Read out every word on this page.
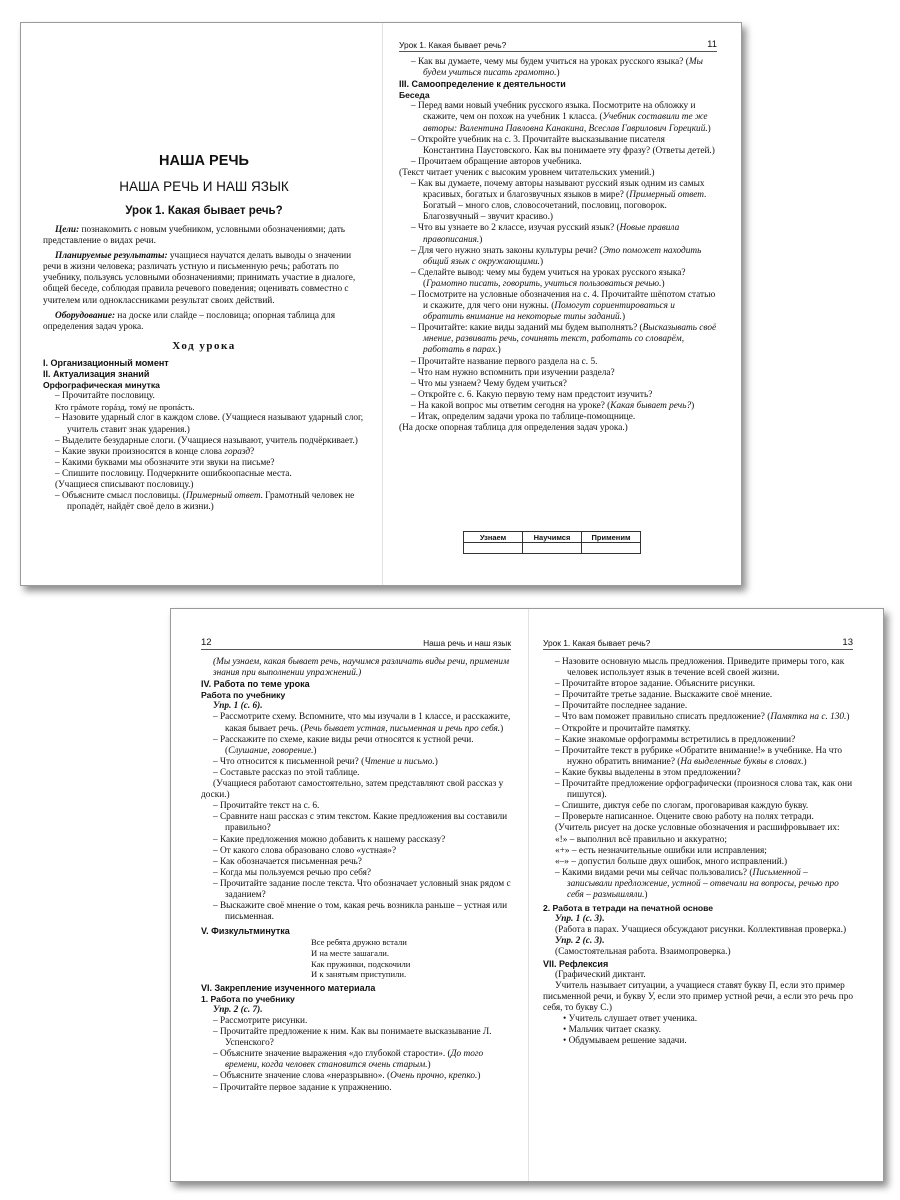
НАША РЕЧЬ
НАША РЕЧЬ И НАШ ЯЗЫК
Урок 1. Какая бывает речь?

Цели: познакомить с новым учебником, условными обозначениями; дать представление о видах речи.

Планируемые результаты: учащиеся научатся делать выводы о значении речи в жизни человека; различать устную и письменную речь; работать по учебнику, пользуясь условными обозначениями; принимать участие в диалоге, общей беседе, соблюдая правила речевого поведения; оценивать совместно с учителем или одноклассниками результат своих действий.

Оборудование: на доске или слайде – пословица; опорная таблица для определения задач урока.

Ход урока

I. Организационный момент

II. Актуализация знаний

Орфографическая минутка

– Прочитайте пословицу.

Кто грáмоте горáзд, томý не пропáсть.

– Назовите ударный слог в каждом слове. (Учащиеся называют ударный слог, учитель ставит знак ударения.)

– Выделите безударные слоги. (Учащиеся называют, учитель подчёркивает.)

– Какие звуки произносятся в конце слова горазд?

– Какими буквами мы обозначите эти звуки на письме?

– Спишите пословицу. Подчеркните ошибкоопасные места.

(Учащиеся списывают пословицу.)

– Объясните смысл пословицы. (Примерный ответ. Грамотный человек не пропадёт, найдёт своё дело в жизни.)

Урок 1. Какая бывает речь?	11

– Как вы думаете, чему мы будем учиться на уроках русского языка? (Мы будем учиться писать грамотно.)

III. Самоопределение к деятельности

Беседа

– Перед вами новый учебник русского языка. Посмотрите на обложку и скажите, чем он похож на учебник 1 класса. (Учебник составили те же авторы: Валентина Павловна Канакина, Всеслав Гаврилович Горецкий.)

– Откройте учебник на с. 3. Прочитайте высказывание писателя Константина Паустовского. Как вы понимаете эту фразу? (Ответы детей.)

– Прочитаем обращение авторов учебника.

(Текст читает ученик с высоким уровнем читательских умений.)

– Как вы думаете, почему авторы называют русский язык одним из самых красивых, богатых и благозвучных языков в мире? (Примерный ответ. Богатый – много слов, словосочетаний, пословиц, поговорок. Благозвучный – звучит красиво.)

– Что вы узнаете во 2 классе, изучая русский язык? (Новые правила правописания.)

– Для чего нужно знать законы культуры речи? (Это поможет находить общий язык с окружающими.)

– Сделайте вывод: чему мы будем учиться на уроках русского языка? (Грамотно писать, говорить, учиться пользоваться речью.)

– Посмотрите на условные обозначения на с. 4. Прочитайте шёпотом статью и скажите, для чего они нужны. (Помогут сориентироваться и обратить внимание на некоторые типы заданий.)

– Прочитайте: какие виды заданий мы будем выполнять? (Высказывать своё мнение, развивать речь, сочинять текст, работать со словарём, работать в парах.)

– Прочитайте название первого раздела на с. 5.

– Что нам нужно вспомнить при изучении раздела?

– Что мы узнаем? Чему будем учиться?

– Откройте с. 6. Какую первую тему нам предстоит изучить?

– На какой вопрос мы ответим сегодня на уроке? (Какая бывает речь?)

– Итак, определим задачи урока по таблице-помощнице.

(На доске опорная таблица для определения задач урока.)

Узнаем	Научимся	Применим

12	Наша речь и наш язык

(Мы узнаем, какая бывает речь, научимся различать виды речи, применим знания при выполнении упражнений.)

IV. Работа по теме урока

Работа по учебнику

Упр. 1 (с. 6).

– Рассмотрите схему. Вспомните, что мы изучали в 1 классе, и расскажите, какая бывает речь. (Речь бывает устная, письменная и речь про себя.)

– Расскажите по схеме, какие виды речи относятся к устной речи. (Слушание, говорение.)

– Что относится к письменной речи? (Чтение и письмо.)

– Составьте рассказ по этой таблице.

(Учащиеся работают самостоятельно, затем представляют свой рассказ у доски.)

– Прочитайте текст на с. 6.

– Сравните наш рассказ с этим текстом. Какие предложения вы составили правильно?

– Какие предложения можно добавить к нашему рассказу?

– От какого слова образовано слово «устная»?

– Как обозначается письменная речь?

– Когда мы пользуемся речью про себя?

– Прочитайте задание после текста. Что обозначает условный знак рядом с заданием?

– Выскажите своё мнение о том, какая речь возникла раньше – устная или письменная.

V. Физкультминутка

Все ребята дружно встали

И на месте зашагали.

Как пружинки, подскочили

И к занятьям приступили.

VI. Закрепление изученного материала

1. Работа по учебнику

Упр. 2 (с. 7).

– Рассмотрите рисунки.

– Прочитайте предложение к ним. Как вы понимаете высказывание Л. Успенского?

– Объясните значение выражения «до глубокой старости». (До того времени, когда человек становится очень старым.)

– Объясните значение слова «неразрывно». (Очень прочно, крепко.)

– Прочитайте первое задание к упражнению.

Урок 1. Какая бывает речь?	13

– Назовите основную мысль предложения. Приведите примеры того, как человек использует язык в течение всей своей жизни.

– Прочитайте второе задание. Объясните рисунки.

– Прочитайте третье задание. Выскажите своё мнение.

– Прочитайте последнее задание.

– Что вам поможет правильно списать предложение? (Памятка на с. 130.)

– Откройте и прочитайте памятку.

– Какие знакомые орфограммы встретились в предложении?

– Прочитайте текст в рубрике «Обратите внимание!» в учебнике. На что нужно обратить внимание? (На выделенные буквы в словах.)

– Какие буквы выделены в этом предложении?

– Прочитайте предложение орфографически (произнося слова так, как они пишутся).

– Спишите, диктуя себе по слогам, проговаривая каждую букву.

– Проверьте написанное. Оцените свою работу на полях тетради.

(Учитель рисует на доске условные обозначения и расшифровывает их:

«!» – выполнил всё правильно и аккуратно;

«+» – есть незначительные ошибки или исправления;

«–» – допустил больше двух ошибок, много исправлений.)

– Какими видами речи мы сейчас пользовались? (Письменной – записывали предложение, устной – отвечали на вопросы, речью про себя – размышляли.)

2. Работа в тетради на печатной основе

Упр. 1 (с. 3).

(Работа в парах. Учащиеся обсуждают рисунки. Коллективная проверка.)

Упр. 2 (с. 3).

(Самостоятельная работа. Взаимопроверка.)

VII. Рефлексия

(Графический диктант.

Учитель называет ситуации, а учащиеся ставят букву П, если это пример письменной речи, и букву У, если это пример устной речи, а если это речь про себя, то букву С.)

• Учитель слушает ответ ученика.

• Мальчик читает сказку.

• Обдумываем решение задачи.
